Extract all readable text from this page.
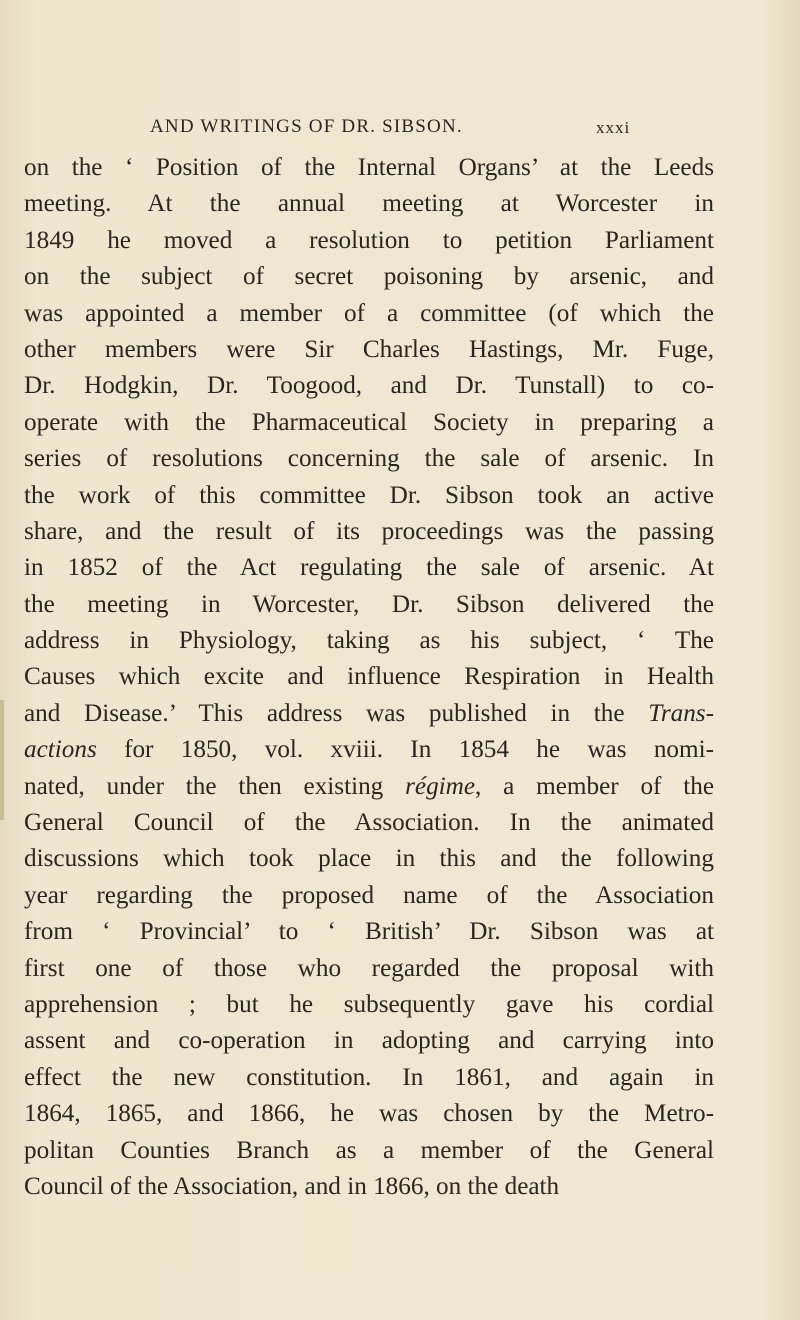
AND WRITINGS OF DR. SIBSON.	xxxi
on the ‘ Position of the Internal Organs’ at the Leeds
meeting. At the annual meeting at Worcester in
1849 he moved a resolution to petition Parliament
on the subject of secret poisoning by arsenic, and
was appointed a member of a committee (of which the
other members were Sir Charles Hastings, Mr. Fuge,
Dr. Hodgkin, Dr. Toogood, and Dr. Tunstall) to co-
operate with the Pharmaceutical Society in preparing a
series of resolutions concerning the sale of arsenic. In
the work of this committee Dr. Sibson took an active
share, and the result of its proceedings was the passing
in 1852 of the Act regulating the sale of arsenic. At
the meeting in Worcester, Dr. Sibson delivered the
address in Physiology, taking as his subject, ‘ The
Causes which excite and influence Respiration in Health
and Disease.’ This address was published in the Trans-
actions for 1850, vol. xviii. In 1854 he was nomi-
nated, under the then existing régime, a member of the
General Council of the Association. In the animated
discussions which took place in this and the following
year regarding the proposed name of the Association
from ‘ Provincial’ to ‘ British’ Dr. Sibson was at
first one of those who regarded the proposal with
apprehension ; but he subsequently gave his cordial
assent and co-operation in adopting and carrying into
effect the new constitution. In 1861, and again in
1864, 1865, and 1866, he was chosen by the Metro-
politan Counties Branch as a member of the General
Council of the Association, and in 1866, on the death
